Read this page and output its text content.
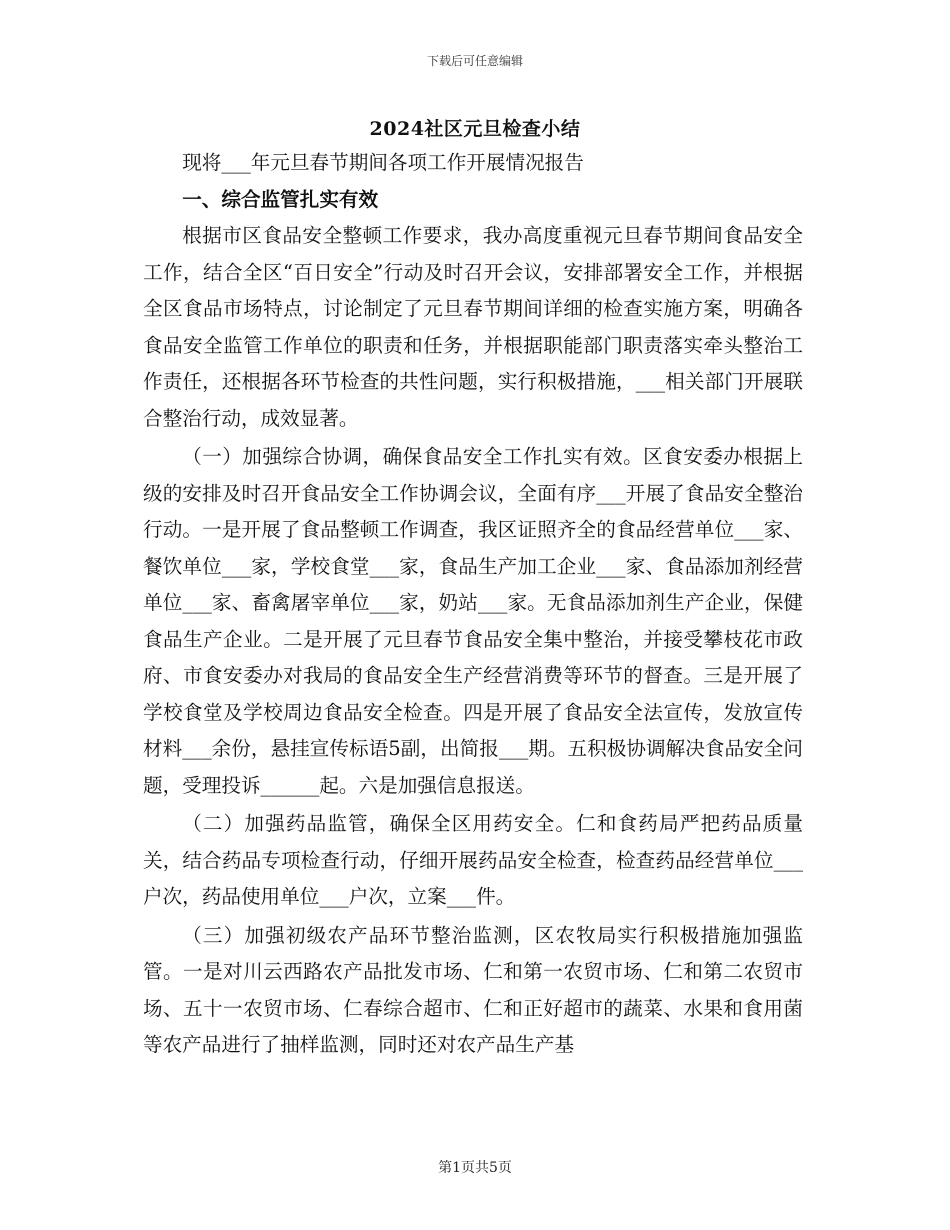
下载后可任意编辑
2024社区元旦检查小结

现将___年元旦春节期间各项工作开展情况报告

一、综合监管扎实有效

根据市区食品安全整顿工作要求，我办高度重视元旦春节期间食品安全工作，结合全区“百日安全”行动及时召开会议，安排部署安全工作，并根据全区食品市场特点，讨论制定了元旦春节期间详细的检查实施方案，明确各食品安全监管工作单位的职责和任务，并根据职能部门职责落实牵头整治工作责任，还根据各环节检查的共性问题，实行积极措施，___相关部门开展联合整治行动，成效显著。

（一）加强综合协调，确保食品安全工作扎实有效。区食安委办根据上级的安排及时召开食品安全工作协调会议，全面有序___开展了食品安全整治行动。一是开展了食品整顿工作调查，我区证照齐全的食品经营单位___家、餐饮单位___家，学校食堂___家，食品生产加工企业___家、食品添加剂经营单位___家、畜禽屠宰单位___家，奶站___家。无食品添加剂生产企业，保健食品生产企业。二是开展了元旦春节食品安全集中整治，并接受攀枝花市政府、市食安委办对我局的食品安全生产经营消费等环节的督查。三是开展了学校食堂及学校周边食品安全检查。四是开展了食品安全法宣传，发放宣传材料___余份，悬挂宣传标语5副，出简报___期。五积极协调解决食品安全问题，受理投诉______起。六是加强信息报送。

（二）加强药品监管，确保全区用药安全。仁和食药局严把药品质量关，结合药品专项检查行动，仔细开展药品安全检查，检查药品经营单位___户次，药品使用单位___户次，立案___件。

（三）加强初级农产品环节整治监测，区农牧局实行积极措施加强监管。一是对川云西路农产品批发市场、仁和第一农贸市场、仁和第二农贸市场、五十一农贸市场、仁春综合超市、仁和正好超市的蔬菜、水果和食用菌等农产品进行了抽样监测，同时还对农产品生产基

第1页共5页
